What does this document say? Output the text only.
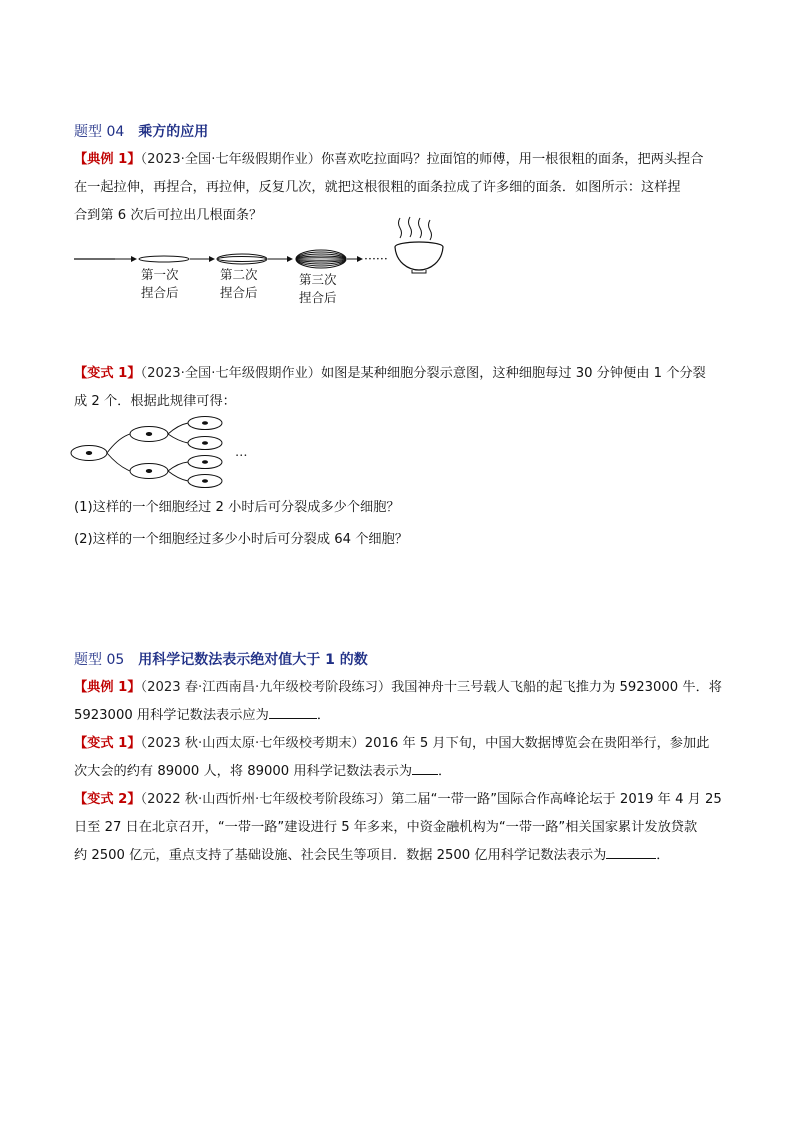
题型 04 乘方的应用
【典例 1】（2023·全国·七年级假期作业）你喜欢吃拉面吗？拉面馆的师傅，用一根很粗的面条，把两头捏合
在一起拉伸，再捏合，再拉伸，反复几次，就把这根很粗的面条拉成了许多细的面条．如图所示：这样捏
合到第 6 次后可拉出几根面条？
······
第一次
捏合后
第二次
捏合后
第三次
捏合后
【变式 1】（2023·全国·七年级假期作业）如图是某种细胞分裂示意图，这种细胞每过 30 分钟便由 1 个分裂
成 2 个．根据此规律可得：
…
(1)这样的一个细胞经过 2 小时后可分裂成多少个细胞？
(2)这样的一个细胞经过多少小时后可分裂成 64 个细胞？
题型 05 用科学记数法表示绝对值大于 1 的数
【典例 1】（2023 春·江西南昌·九年级校考阶段练习）我国神舟十三号载人飞船的起飞推力为 5923000 牛．将
5923000 用科学记数法表示应为	．
【变式 1】（2023 秋·山西太原·七年级校考期末）2016 年 5 月下旬，中国大数据博览会在贵阳举行，参加此
次大会的约有 89000 人，将 89000 用科学记数法表示为 ．
【变式 2】（2022 秋·山西忻州·七年级校考阶段练习）第二届“一带一路”国际合作高峰论坛于 2019 年 4 月 25
日至 27 日在北京召开，“一带一路”建设进行 5 年多来，中资金融机构为“一带一路”相关国家累计发放贷款
约 2500 亿元，重点支持了基础设施、社会民生等项目．数据 2500 亿用科学记数法表示为	．
